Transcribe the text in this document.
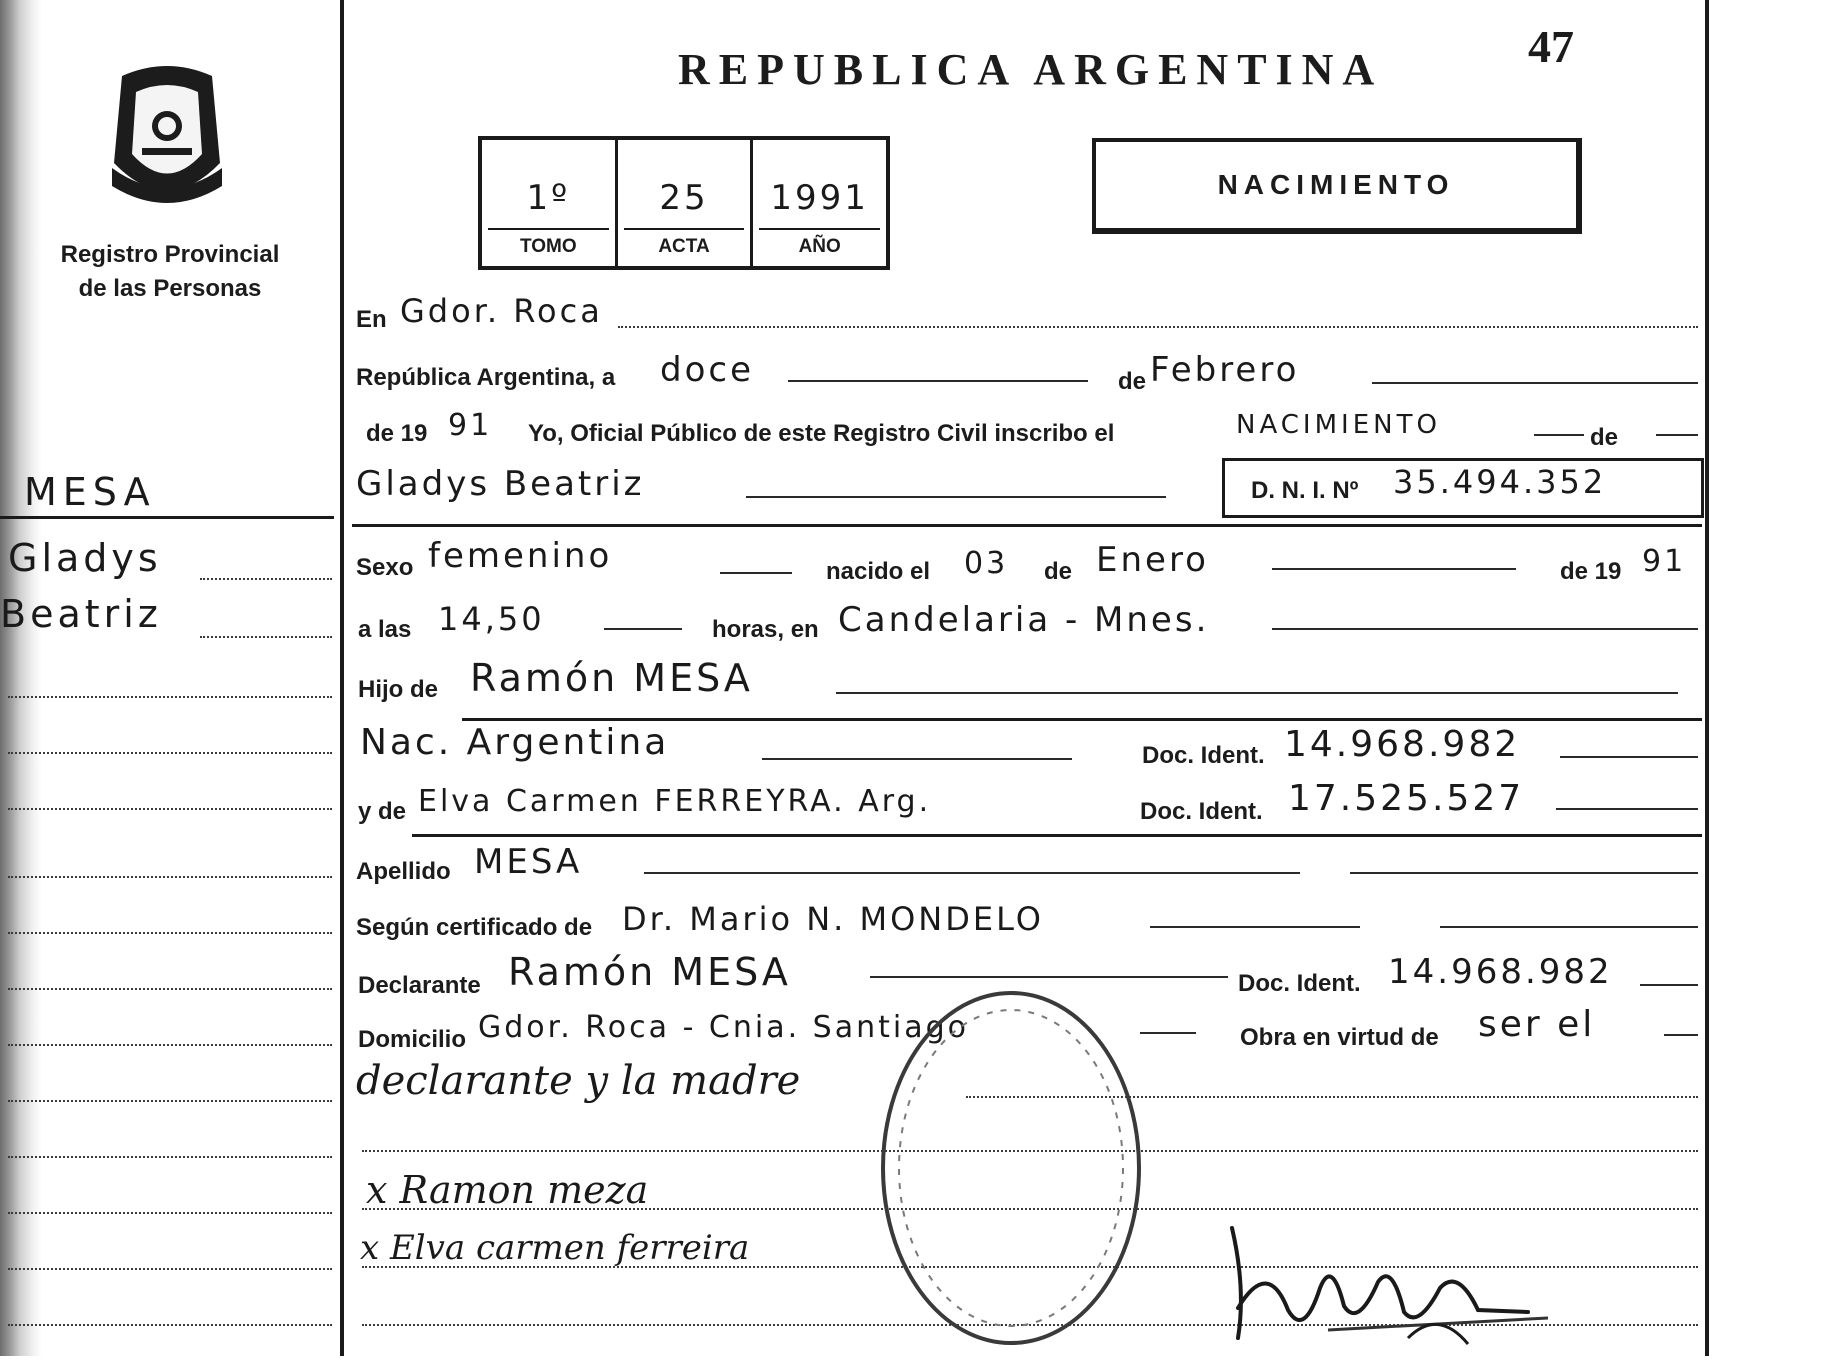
47
Registro Provincial
de las Personas
REPUBLICA ARGENTINA
1º
TOMO
25
ACTA
1991
AÑO
NACIMIENTO
MESA
Gladys
Beatriz
En Gdor. Roca
República Argentina, a doce	de Febrero
de 19 91 Yo, Oficial Público de este Registro Civil inscribo el	NACIMIENTO	de
Gladys Beatriz	D. N. I. Nº 35.494.352
Sexo femenino	nacido el 03 de Enero	de 19 91
a las 14,50	horas, en Candelaria - Mnes.
Hijo de Ramón MESA
Nac. Argentina	Doc. Ident. 14.968.982
y de Elva Carmen FERREYRA. Arg.	Doc. Ident. 17.525.527
Apellido MESA
Según certificado de Dr. Mario N. MONDELO
Declarante Ramón MESA	Doc. Ident. 14.968.982
Domicilio Gdor. Roca - Cnia. Santiago	Obra en virtud de ser el
declarante y la madre
x Ramon meza
x Elva carmen ferreira
